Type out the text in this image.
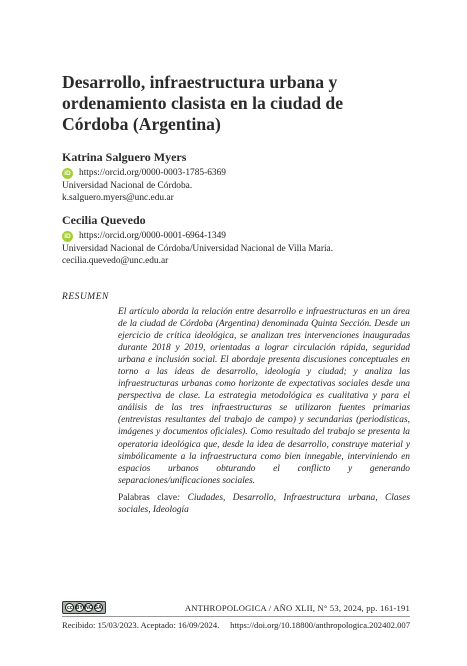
Desarrollo, infraestructura urbana y ordenamiento clasista en la ciudad de Córdoba (Argentina)
Katrina Salguero Myers
iD https://orcid.org/0000-0003-1785-6369
Universidad Nacional de Córdoba.
k.salguero.myers@unc.edu.ar
Cecilia Quevedo
iD https://orcid.org/0000-0001-6964-1349
Universidad Nacional de Córdoba/Universidad Nacional de Villa María.
cecilia.quevedo@unc.edu.ar
RESUMEN

El artículo aborda la relación entre desarrollo e infraestructuras en un área de la ciudad de Córdoba (Argentina) denominada Quinta Sección. Desde un ejercicio de crítica ideológica, se analizan tres intervenciones inauguradas durante 2018 y 2019, orientadas a lograr circulación rápida, seguridad urbana e inclusión social. El abordaje presenta discusiones conceptuales en torno a las ideas de desarrollo, ideología y ciudad; y analiza las infraestructuras urbanas como horizonte de expectativas sociales desde una perspectiva de clase. La estrategia metodológica es cualitativa y para el análisis de las tres infraestructuras se utilizaron fuentes primarias (entrevistas resultantes del trabajo de campo) y secundarias (periodísticas, imágenes y documentos oficiales). Como resultado del trabajo se presenta la operatoria ideológica que, desde la idea de desarrollo, construye material y simbólicamente a la infraestructura como bien innegable, interviniendo en espacios urbanos obturando el conflicto y generando separaciones/unificaciones sociales.

Palabras clave: Ciudades, Desarrollo, Infraestructura urbana, Clases sociales, Ideología

cc BY NC SA	ANTHROPOLOGICA / AÑO XLII, N° 53, 2024, pp. 161-191
Recibido: 15/03/2023. Aceptado: 16/09/2024. https://doi.org/10.18800/anthropologica.202402.007
